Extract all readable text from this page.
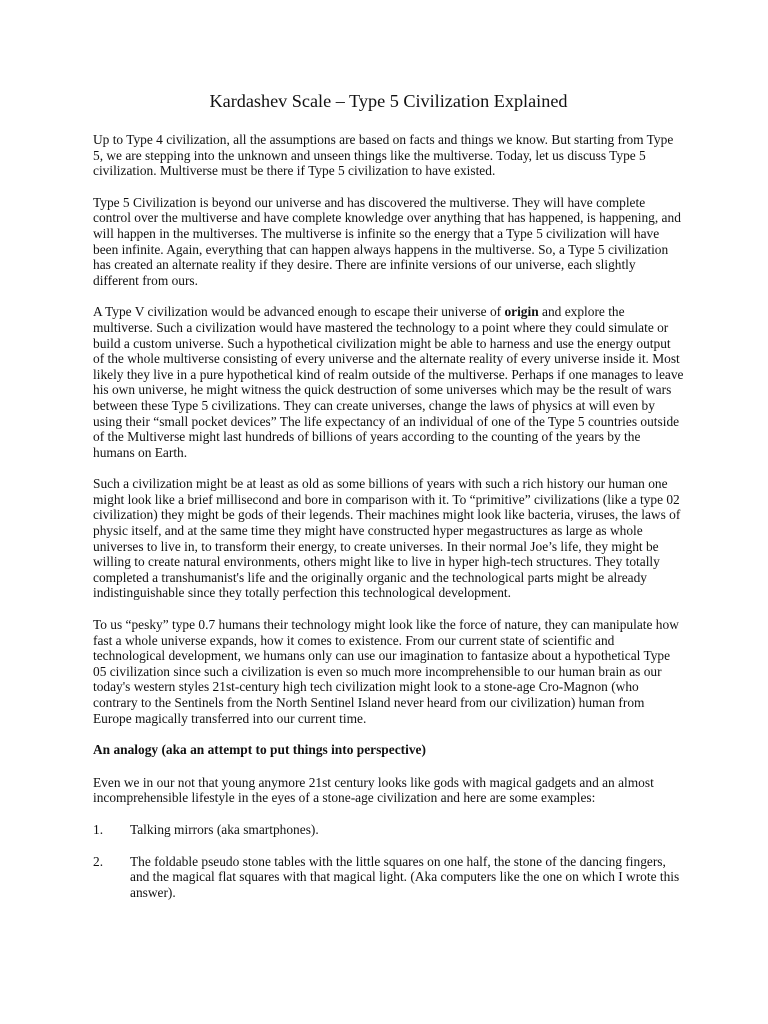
Kardashev Scale – Type 5 Civilization Explained

Up to Type 4 civilization, all the assumptions are based on facts and things we know. But starting from Type 5, we are stepping into the unknown and unseen things like the multiverse. Today, let us discuss Type 5 civilization. Multiverse must be there if Type 5 civilization to have existed.

Type 5 Civilization is beyond our universe and has discovered the multiverse. They will have complete control over the multiverse and have complete knowledge over anything that has happened, is happening, and will happen in the multiverses. The multiverse is infinite so the energy that a Type 5 civilization will have been infinite. Again, everything that can happen always happens in the multiverse. So, a Type 5 civilization has created an alternate reality if they desire. There are infinite versions of our universe, each slightly different from ours.

A Type V civilization would be advanced enough to escape their universe of origin and explore the multiverse. Such a civilization would have mastered the technology to a point where they could simulate or build a custom universe. Such a hypothetical civilization might be able to harness and use the energy output of the whole multiverse consisting of every universe and the alternate reality of every universe inside it. Most likely they live in a pure hypothetical kind of realm outside of the multiverse. Perhaps if one manages to leave his own universe, he might witness the quick destruction of some universes which may be the result of wars between these Type 5 civilizations. They can create universes, change the laws of physics at will even by using their “small pocket devices” The life expectancy of an individual of one of the Type 5 countries outside of the Multiverse might last hundreds of billions of years according to the counting of the years by the humans on Earth.

Such a civilization might be at least as old as some billions of years with such a rich history our human one might look like a brief millisecond and bore in comparison with it. To “primitive” civilizations (like a type 02 civilization) they might be gods of their legends. Their machines might look like bacteria, viruses, the laws of physic itself, and at the same time they might have constructed hyper megastructures as large as whole universes to live in, to transform their energy, to create universes. In their normal Joe’s life, they might be willing to create natural environments, others might like to live in hyper high-tech structures. They totally completed a transhumanist's life and the originally organic and the technological parts might be already indistinguishable since they totally perfection this technological development.

To us “pesky” type 0.7 humans their technology might look like the force of nature, they can manipulate how fast a whole universe expands, how it comes to existence. From our current state of scientific and technological development, we humans only can use our imagination to fantasize about a hypothetical Type 05 civilization since such a civilization is even so much more incomprehensible to our human brain as our today's western styles 21st-century high tech civilization might look to a stone-age Cro-Magnon (who contrary to the Sentinels from the North Sentinel Island never heard from our civilization) human from Europe magically transferred into our current time.

An analogy (aka an attempt to put things into perspective)

Even we in our not that young anymore 21st century looks like gods with magical gadgets and an almost incomprehensible lifestyle in the eyes of a stone-age civilization and here are some examples:

1.	Talking mirrors (aka smartphones).

2.	The foldable pseudo stone tables with the little squares on one half, the stone of the dancing fingers, and the magical flat squares with that magical light. (Aka computers like the one on which I wrote this answer).
